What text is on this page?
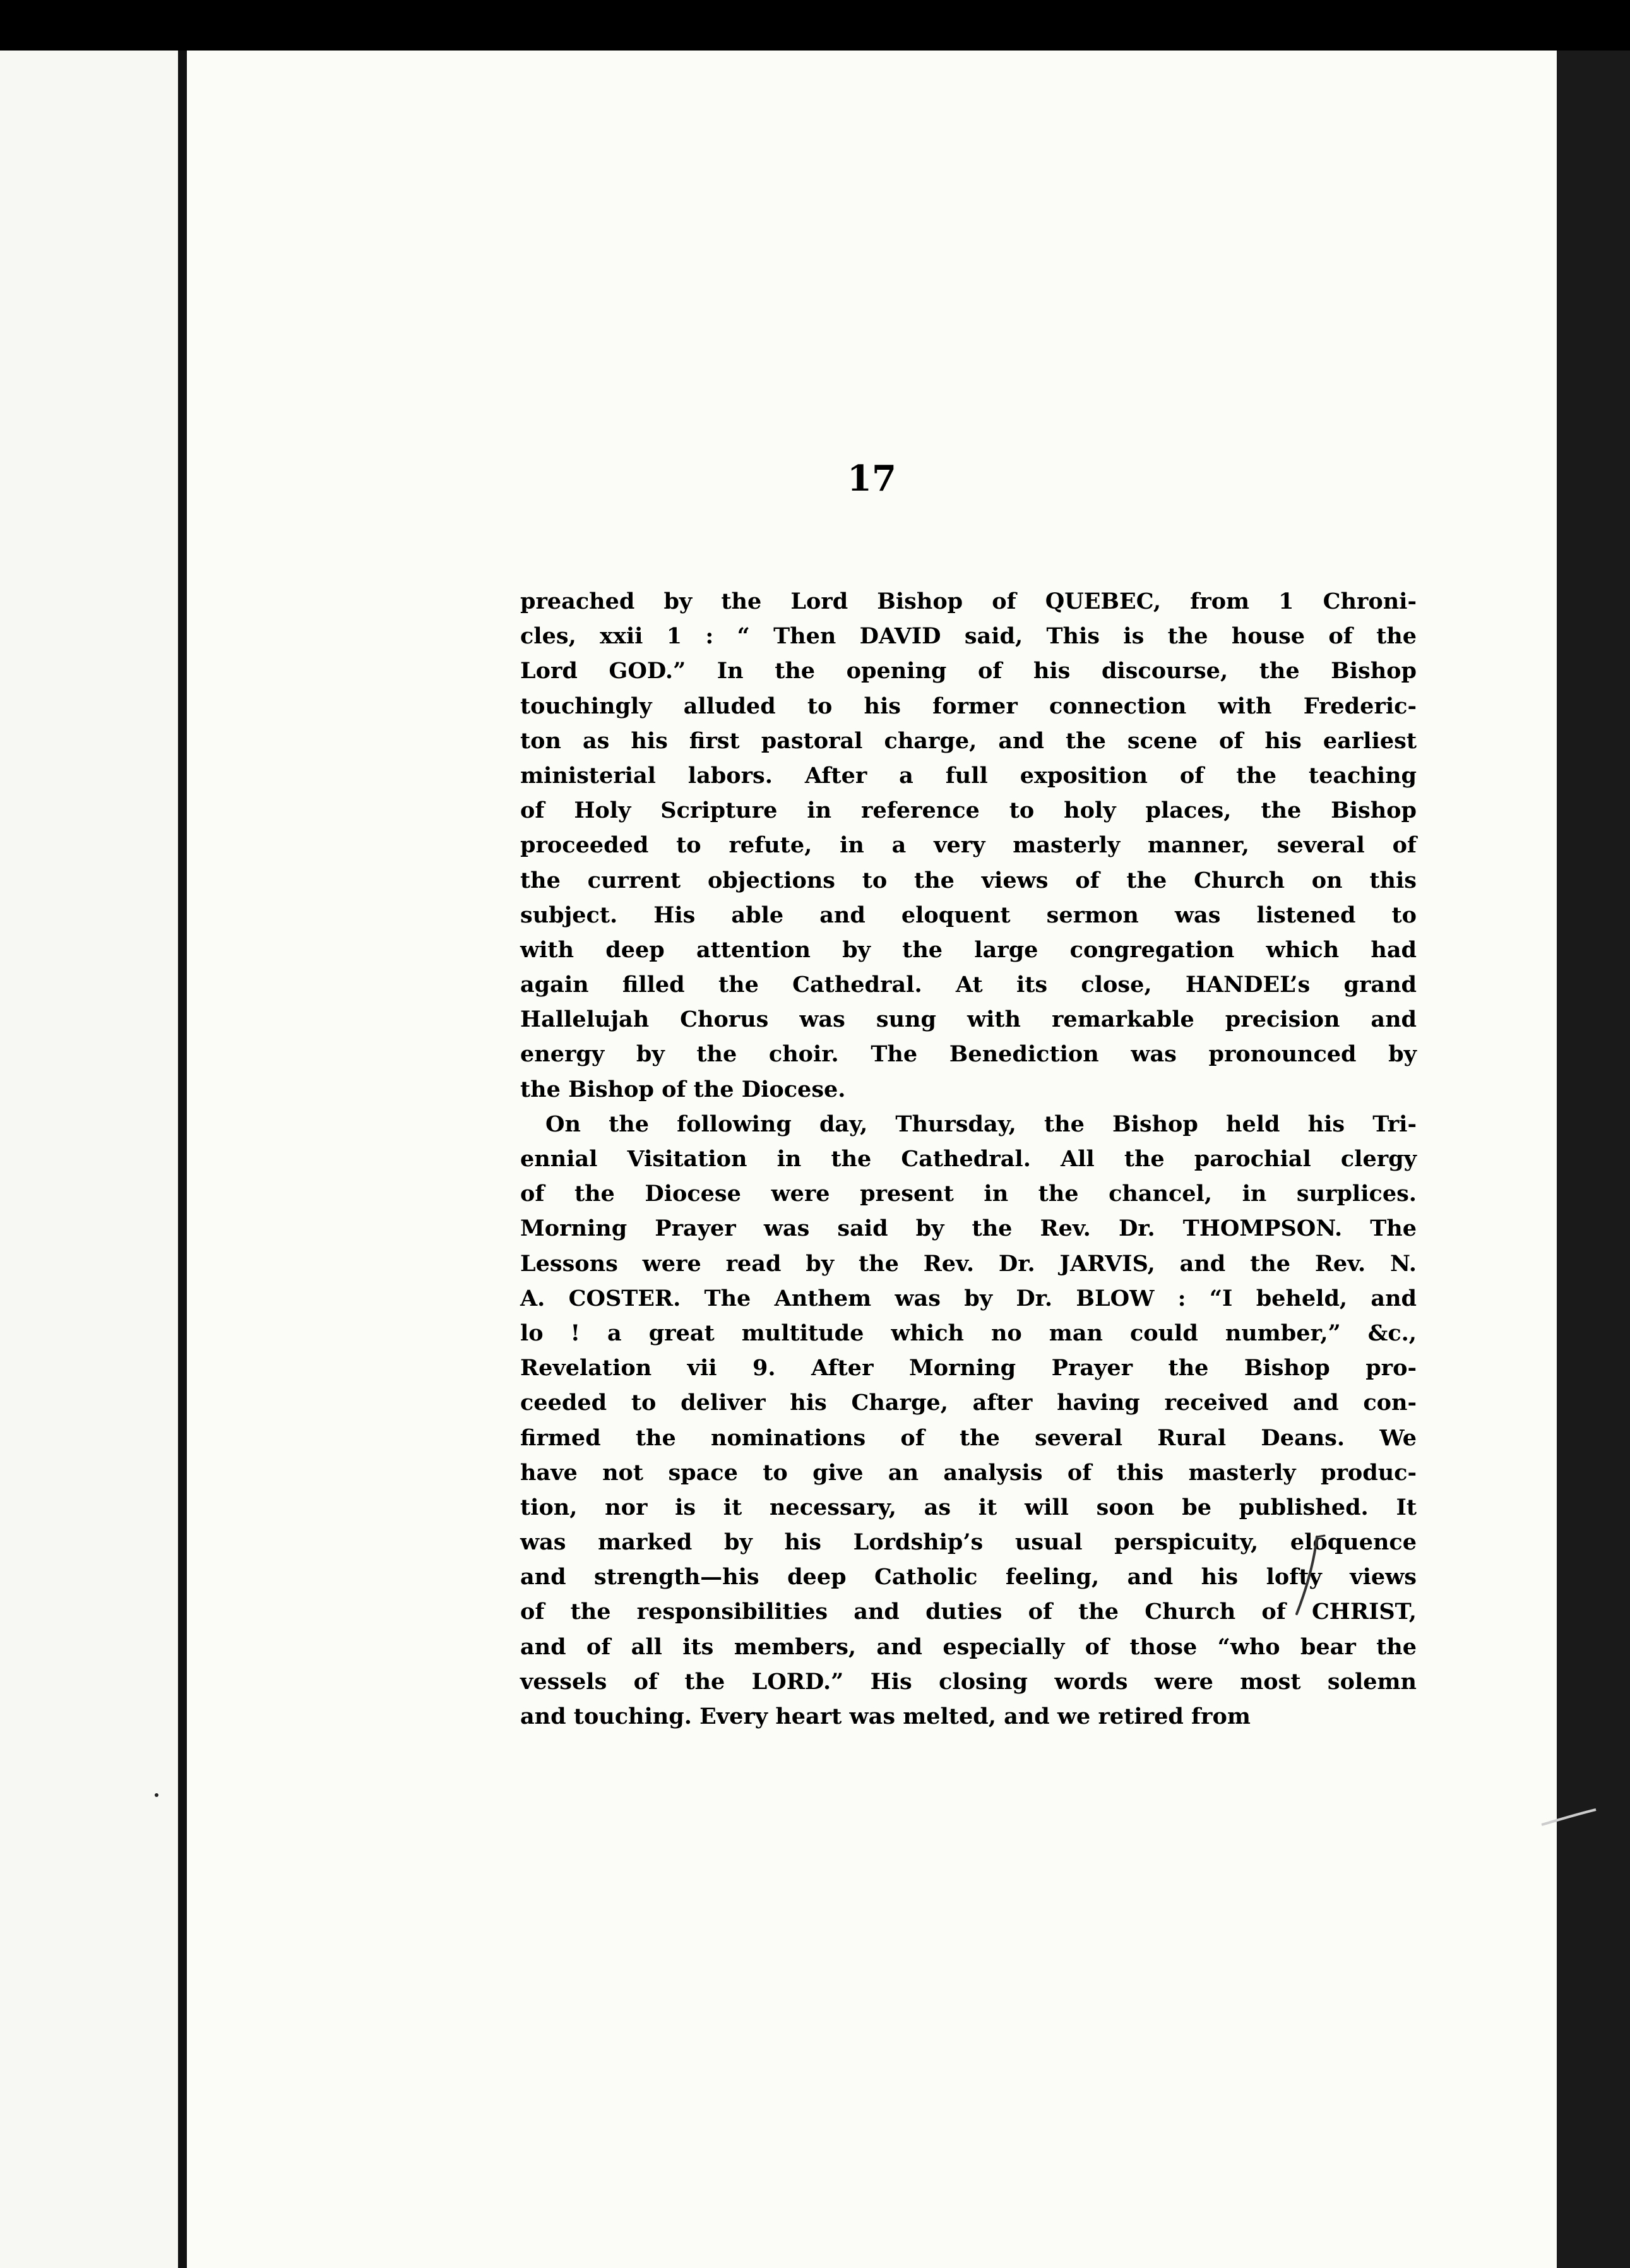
17
preached by the Lord Bishop of QUEBEC, from 1 Chroni-
cles, xxii 1 : “ Then DAVID said, This is the house of the
Lord GOD.” In the opening of his discourse, the Bishop
touchingly alluded to his former connection with Frederic-
ton as his first pastoral charge, and the scene of his earliest
ministerial labors. After a full exposition of the teaching
of Holy Scripture in reference to holy places, the Bishop
proceeded to refute, in a very masterly manner, several of
the current objections to the views of the Church on this
subject. His able and eloquent sermon was listened to
with deep attention by the large congregation which had
again filled the Cathedral. At its close, HANDEL’s grand
Hallelujah Chorus was sung with remarkable precision and
energy by the choir. The Benediction was pronounced by
the Bishop of the Diocese.
On the following day, Thursday, the Bishop held his Tri-
ennial Visitation in the Cathedral. All the parochial clergy
of the Diocese were present in the chancel, in surplices.
Morning Prayer was said by the Rev. Dr. THOMPSON. The
Lessons were read by the Rev. Dr. JARVIS, and the Rev. N.
A. COSTER. The Anthem was by Dr. BLOW : “I beheld, and
lo ! a great multitude which no man could number,” &c.,
Revelation vii 9. After Morning Prayer the Bishop pro-
ceeded to deliver his Charge, after having received and con-
firmed the nominations of the several Rural Deans. We
have not space to give an analysis of this masterly produc-
tion, nor is it necessary, as it will soon be published. It
was marked by his Lordship’s usual perspicuity, eloquence
and strength—his deep Catholic feeling, and his lofty views
of the responsibilities and duties of the Church of CHRIST,
and of all its members, and especially of those “who bear the
vessels of the LORD.” His closing words were most solemn
and touching. Every heart was melted, and we retired from
